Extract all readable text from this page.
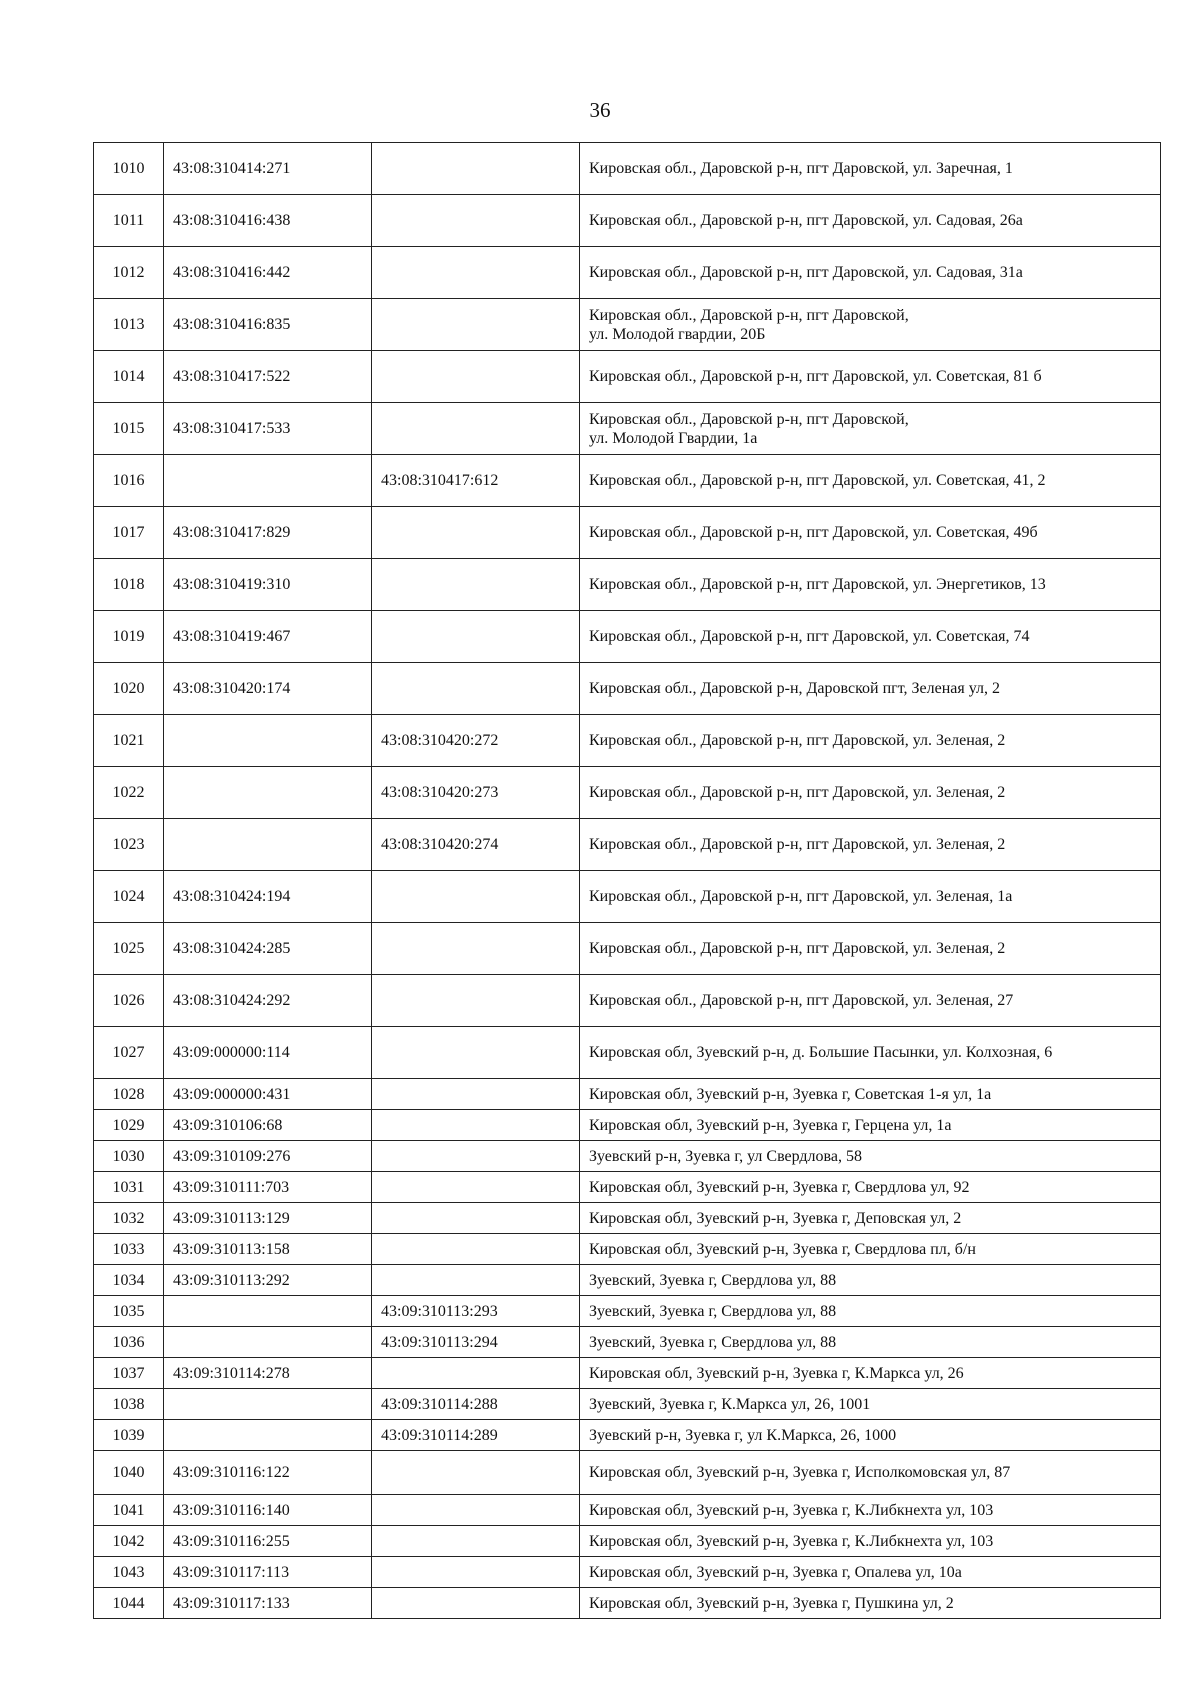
36
1010	43:08:310414:271		Кировская обл., Даровской р-н, пгт Даровской, ул. Заречная, 1
1011	43:08:310416:438		Кировская обл., Даровской р-н, пгт Даровской, ул. Садовая, 26а
1012	43:08:310416:442		Кировская обл., Даровской р-н, пгт Даровской, ул. Садовая, 31а
1013	43:08:310416:835		Кировская обл., Даровской р-н, пгт Даровской,
ул. Молодой гвардии, 20Б
1014	43:08:310417:522		Кировская обл., Даровской р-н, пгт Даровской, ул. Советская, 81 б
1015	43:08:310417:533		Кировская обл., Даровской р-н, пгт Даровской,
ул. Молодой Гвардии, 1а
1016		43:08:310417:612	Кировская обл., Даровской р-н, пгт Даровской, ул. Советская, 41, 2
1017	43:08:310417:829		Кировская обл., Даровской р-н, пгт Даровской, ул. Советская, 49б
1018	43:08:310419:310		Кировская обл., Даровской р-н, пгт Даровской, ул. Энергетиков, 13
1019	43:08:310419:467		Кировская обл., Даровской р-н, пгт Даровской, ул. Советская, 74
1020	43:08:310420:174		Кировская обл., Даровской р-н, Даровской пгт, Зеленая ул, 2
1021		43:08:310420:272	Кировская обл., Даровской р-н, пгт Даровской, ул. Зеленая, 2
1022		43:08:310420:273	Кировская обл., Даровской р-н, пгт Даровской, ул. Зеленая, 2
1023		43:08:310420:274	Кировская обл., Даровской р-н, пгт Даровской, ул. Зеленая, 2
1024	43:08:310424:194		Кировская обл., Даровской р-н, пгт Даровской, ул. Зеленая, 1а
1025	43:08:310424:285		Кировская обл., Даровской р-н, пгт Даровской, ул. Зеленая, 2
1026	43:08:310424:292		Кировская обл., Даровской р-н, пгт Даровской, ул. Зеленая, 27
1027	43:09:000000:114		Кировская обл, Зуевский р-н, д. Большие Пасынки, ул. Колхозная, 6
1028	43:09:000000:431		Кировская обл, Зуевский р-н, Зуевка г, Советская 1-я ул, 1а
1029	43:09:310106:68		Кировская обл, Зуевский р-н, Зуевка г, Герцена ул, 1а
1030	43:09:310109:276		Зуевский р-н, Зуевка г, ул Свердлова, 58
1031	43:09:310111:703		Кировская обл, Зуевский р-н, Зуевка г, Свердлова ул, 92
1032	43:09:310113:129		Кировская обл, Зуевский р-н, Зуевка г, Деповская ул, 2
1033	43:09:310113:158		Кировская обл, Зуевский р-н, Зуевка г, Свердлова пл, б/н
1034	43:09:310113:292		Зуевский, Зуевка г, Свердлова ул, 88
1035		43:09:310113:293	Зуевский, Зуевка г, Свердлова ул, 88
1036		43:09:310113:294	Зуевский, Зуевка г, Свердлова ул, 88
1037	43:09:310114:278		Кировская обл, Зуевский р-н, Зуевка г, К.Маркса ул, 26
1038		43:09:310114:288	Зуевский, Зуевка г, К.Маркса ул, 26, 1001
1039		43:09:310114:289	Зуевский р-н, Зуевка г, ул К.Маркса, 26, 1000
1040	43:09:310116:122		Кировская обл, Зуевский р-н, Зуевка г, Исполкомовская ул, 87
1041	43:09:310116:140		Кировская обл, Зуевский р-н, Зуевка г, К.Либкнехта ул, 103
1042	43:09:310116:255		Кировская обл, Зуевский р-н, Зуевка г, К.Либкнехта ул, 103
1043	43:09:310117:113		Кировская обл, Зуевский р-н, Зуевка г, Опалева ул, 10а
1044	43:09:310117:133		Кировская обл, Зуевский р-н, Зуевка г, Пушкина ул, 2
